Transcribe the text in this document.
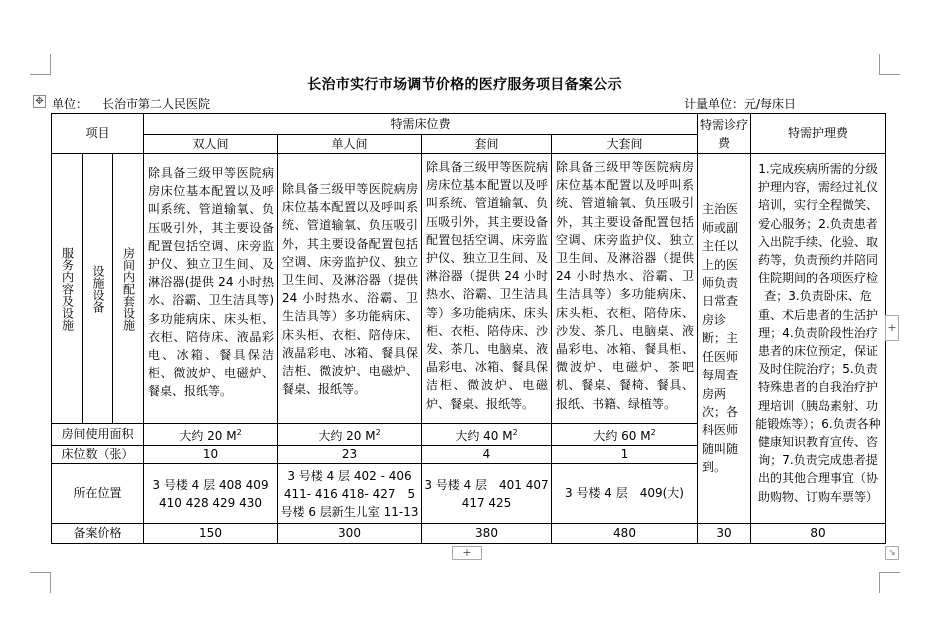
长治市实行市场调节价格的医疗服务项目备案公示
✥ 单位： 长治市第二人民医院	计量单位：元/每床日
项目			特需床位费				特需诊疗费	特需护理费
			双人间	单人间	套间	大套间		

服务内容及设施	设施设备	房间内配套设施	除具备三级甲等医院病房床位基本配置以及呼叫系统、管道输氧、负压吸引外，其主要设备配置包括空调、床旁监护仪、独立卫生间、及淋浴器(提供 24 小时热水、浴霸、卫生洁具等) 多功能病床、床头柜、衣柜、陪侍床、液晶彩电、冰箱、餐具保洁柜、微波炉、电磁炉、餐桌、报纸等。	除具备三级甲等医院病房床位基本配置以及呼叫系统、管道输氧、负压吸引外，其主要设备配置包括空调、床旁监护仪、独立卫生间、及淋浴器（提供 24 小时热水、浴霸、卫生洁具等）多功能病床、床头柜、衣柜、陪侍床、液晶彩电、冰箱、餐具保洁柜、微波炉、电磁炉、餐桌、报纸等。	除具备三级甲等医院病房床位基本配置以及呼叫系统、管道输氧、负压吸引外，其主要设备配置包括空调、床旁监护仪、独立卫生间、及淋浴器（提供 24 小时热水、浴霸、卫生洁具等）多功能病床、床头柜、衣柜、陪侍床、沙发、茶几、电脑桌、液晶彩电、冰箱、餐具保洁柜、微波炉、电磁炉、餐桌、报纸等。	除具备三级甲等医院病房床位基本配置以及呼叫系统、管道输氧、负压吸引外，其主要设备配置包括空调、床旁监护仪、独立卫生间、及淋浴器（提供 24 小时热水、浴霸、卫生洁具等）多功能病床、床头柜、衣柜、陪侍床、沙发、茶几、电脑桌、液晶彩电、冰箱、餐具柜、微波炉、电磁炉、茶吧机、餐桌、餐椅、餐具、报纸、书籍、绿植等。	主治医师或副主任以上的医师负责日常查房诊断；主任医师每周查房两次；各科医师随叫随到。	1.完成疾病所需的分级护理内容，需经过礼仪培训，实行全程微笑、爱心服务；2.负责患者入出院手续、化验、取药等，负责预约并陪同住院期间的各项医疗检查；3.负责卧床、危重、术后患者的生活护理；4.负责阶段性治疗患者的床位预定，保证及时住院治疗；5.负责特殊患者的自我治疗护理培训（胰岛素射、功能锻炼等）；6.负责各种健康知识教育宣传、咨询；7.负责完成患者提出的其他合理事宜（协助购物、订购车票等）
房间使用面积			大约 20 $M^2$	大约 20 $M^2$	大约 40 $M^2$	大约 60 $M^2$
床位数（张）			10	23	4	1		
所在位置			3 号楼 4 层 408 409 410 428 429 430	3 号楼 4 层 402 - 406 411- 416 418- 427　5 号楼 6 层新生儿室 11-13	3 号楼 4 层　401 407 417 425	3 号楼 4 层　409(大)		
备案价格			150	300	380	480	30	80
+
+	↘
